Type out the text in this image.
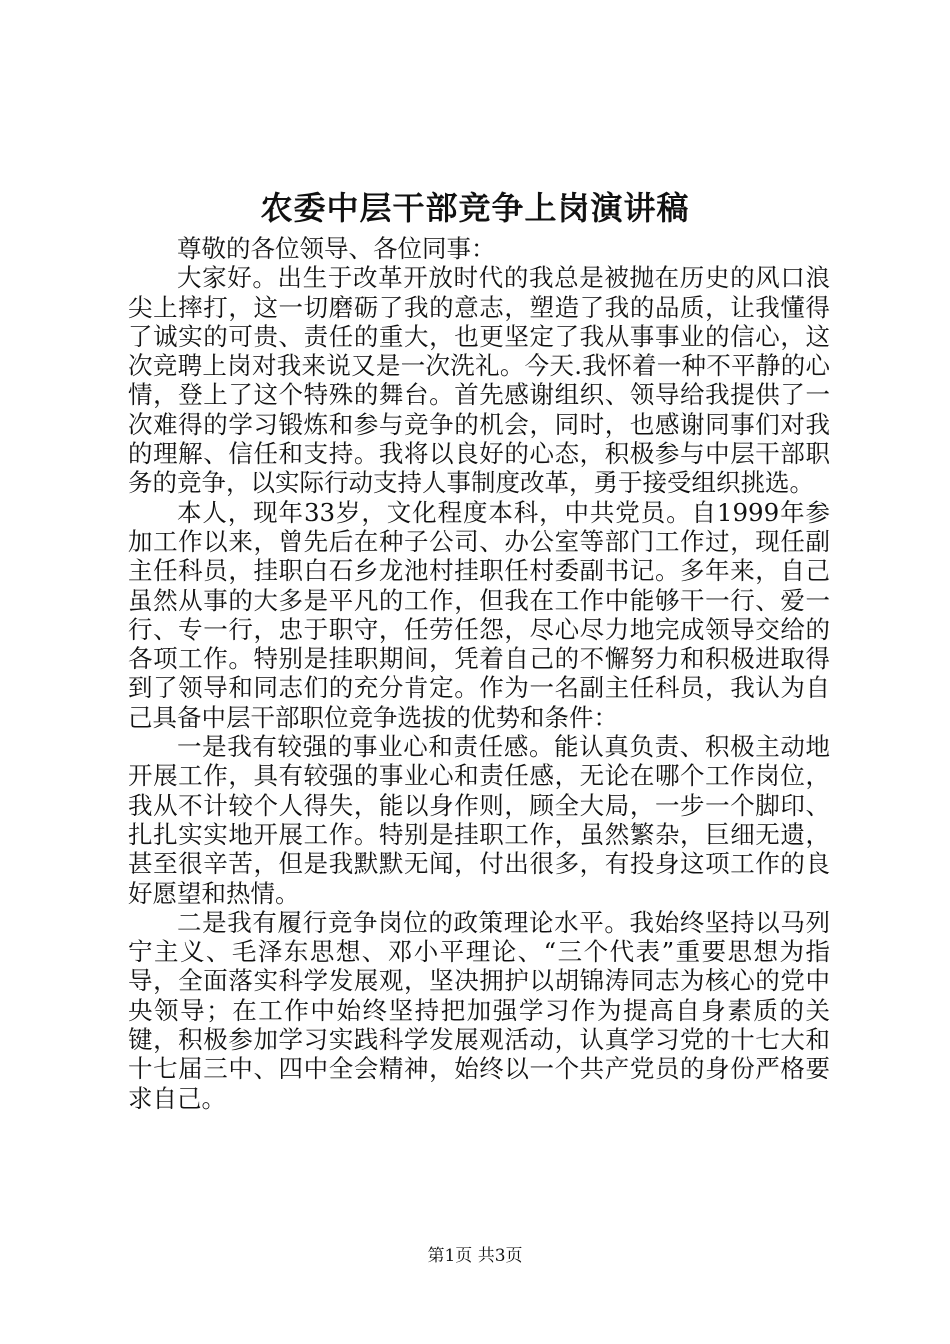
农委中层干部竞争上岗演讲稿

尊敬的各位领导、各位同事：

大家好。出生于改革开放时代的我总是被抛在历史的风口浪尖上摔打，这一切磨砺了我的意志，塑造了我的品质，让我懂得了诚实的可贵、责任的重大，也更坚定了我从事事业的信心，这次竞聘上岗对我来说又是一次洗礼。今天.我怀着一种不平静的心情，登上了这个特殊的舞台。首先感谢组织、领导给我提供了一次难得的学习锻炼和参与竞争的机会，同时，也感谢同事们对我的理解、信任和支持。我将以良好的心态，积极参与中层干部职务的竞争，以实际行动支持人事制度改革，勇于接受组织挑选。

本人，现年33岁，文化程度本科，中共党员。自1999年参加工作以来，曾先后在种子公司、办公室等部门工作过，现任副主任科员，挂职白石乡龙池村挂职任村委副书记。多年来，自己虽然从事的大多是平凡的工作，但我在工作中能够干一行、爱一行、专一行，忠于职守，任劳任怨，尽心尽力地完成领导交给的各项工作。特别是挂职期间，凭着自己的不懈努力和积极进取得到了领导和同志们的充分肯定。作为一名副主任科员，我认为自己具备中层干部职位竞争选拔的优势和条件：

一是我有较强的事业心和责任感。能认真负责、积极主动地开展工作，具有较强的事业心和责任感，无论在哪个工作岗位，我从不计较个人得失，能以身作则，顾全大局，一步一个脚印、扎扎实实地开展工作。特别是挂职工作，虽然繁杂，巨细无遗，甚至很辛苦，但是我默默无闻，付出很多，有投身这项工作的良好愿望和热情。

二是我有履行竞争岗位的政策理论水平。我始终坚持以马列宁主义、毛泽东思想、邓小平理论、“三个代表”重要思想为指导，全面落实科学发展观，坚决拥护以胡锦涛同志为核心的党中央领导；在工作中始终坚持把加强学习作为提高自身素质的关键，积极参加学习实践科学发展观活动，认真学习党的十七大和十七届三中、四中全会精神，始终以一个共产党员的身份严格要求自己。

第1页 共3页
